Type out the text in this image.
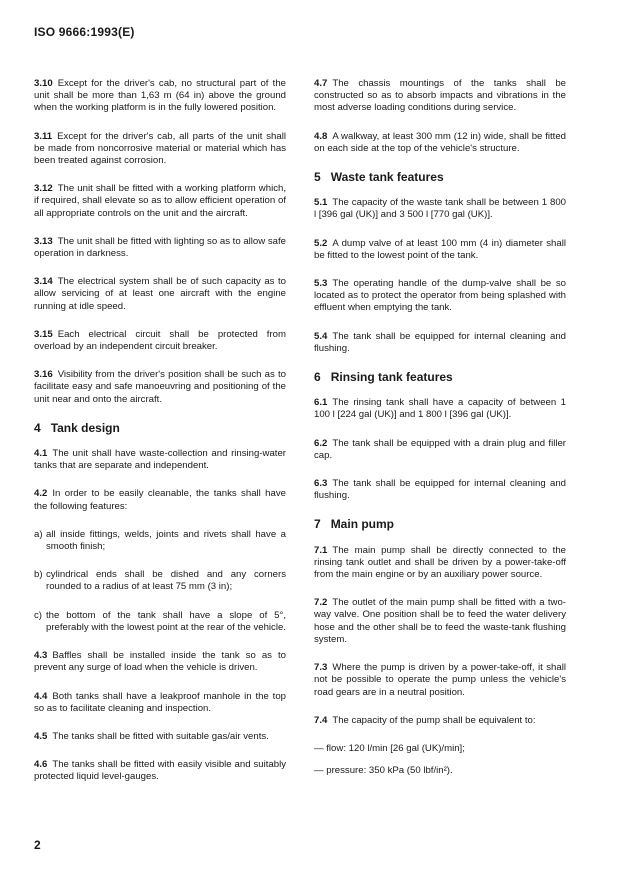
ISO 9666:1993(E)

3.10 Except for the driver's cab, no structural part of the unit shall be more than 1,63 m (64 in) above the ground when the working platform is in the fully lowered position.

3.11 Except for the driver's cab, all parts of the unit shall be made from noncorrosive material or material which has been treated against corrosion.

3.12 The unit shall be fitted with a working platform which, if required, shall elevate so as to allow efficient operation of all appropriate controls on the unit and the aircraft.

3.13 The unit shall be fitted with lighting so as to allow safe operation in darkness.

3.14 The electrical system shall be of such capacity as to allow servicing of at least one aircraft with the engine running at idle speed.

3.15 Each electrical circuit shall be protected from overload by an independent circuit breaker.

3.16 Visibility from the driver's position shall be such as to facilitate easy and safe manoeuvring and positioning of the unit near and onto the aircraft.

4 Tank design

4.1 The unit shall have waste-collection and rinsing-water tanks that are separate and independent.

4.2 In order to be easily cleanable, the tanks shall have the following features:

a) all inside fittings, welds, joints and rivets shall have a smooth finish;

b) cylindrical ends shall be dished and any corners rounded to a radius of at least 75 mm (3 in);

c) the bottom of the tank shall have a slope of 5°, preferably with the lowest point at the rear of the vehicle.

4.3 Baffles shall be installed inside the tank so as to prevent any surge of load when the vehicle is driven.

4.4 Both tanks shall have a leakproof manhole in the top so as to facilitate cleaning and inspection.

4.5 The tanks shall be fitted with suitable gas/air vents.

4.6 The tanks shall be fitted with easily visible and suitably protected liquid level-gauges.

4.7 The chassis mountings of the tanks shall be constructed so as to absorb impacts and vibrations in the most adverse loading conditions during service.

4.8 A walkway, at least 300 mm (12 in) wide, shall be fitted on each side at the top of the vehicle's structure.

5 Waste tank features

5.1 The capacity of the waste tank shall be between 1 800 l [396 gal (UK)] and 3 500 l [770 gal (UK)].

5.2 A dump valve of at least 100 mm (4 in) diameter shall be fitted to the lowest point of the tank.

5.3 The operating handle of the dump-valve shall be so located as to protect the operator from being splashed with effluent when emptying the tank.

5.4 The tank shall be equipped for internal cleaning and flushing.

6 Rinsing tank features

6.1 The rinsing tank shall have a capacity of between 1 100 l [224 gal (UK)] and 1 800 l [396 gal (UK)].

6.2 The tank shall be equipped with a drain plug and filler cap.

6.3 The tank shall be equipped for internal cleaning and flushing.

7 Main pump

7.1 The main pump shall be directly connected to the rinsing tank outlet and shall be driven by a power-take-off from the main engine or by an auxiliary power source.

7.2 The outlet of the main pump shall be fitted with a two-way valve. One position shall be to feed the water delivery hose and the other shall be to feed the waste-tank flushing system.

7.3 Where the pump is driven by a power-take-off, it shall not be possible to operate the pump unless the vehicle's road gears are in a neutral position.

7.4 The capacity of the pump shall be equivalent to:

— flow: 120 l/min [26 gal (UK)/min];

— pressure: 350 kPa (50 lbf/in²).

2
